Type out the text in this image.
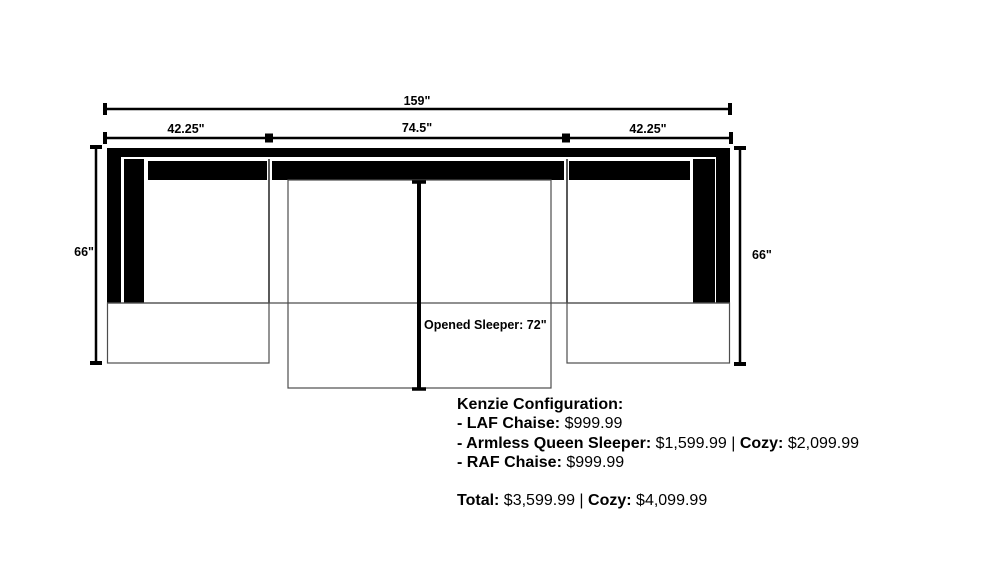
159"
42.25"	74.5"	42.25"
66"	66"
Opened Sleeper: 72"
Kenzie Configuration:
- LAF Chaise: $999.99
- Armless Queen Sleeper: $1,599.99 | Cozy: $2,099.99
- RAF Chaise: $999.99
Total: $3,599.99 | Cozy: $4,099.99
